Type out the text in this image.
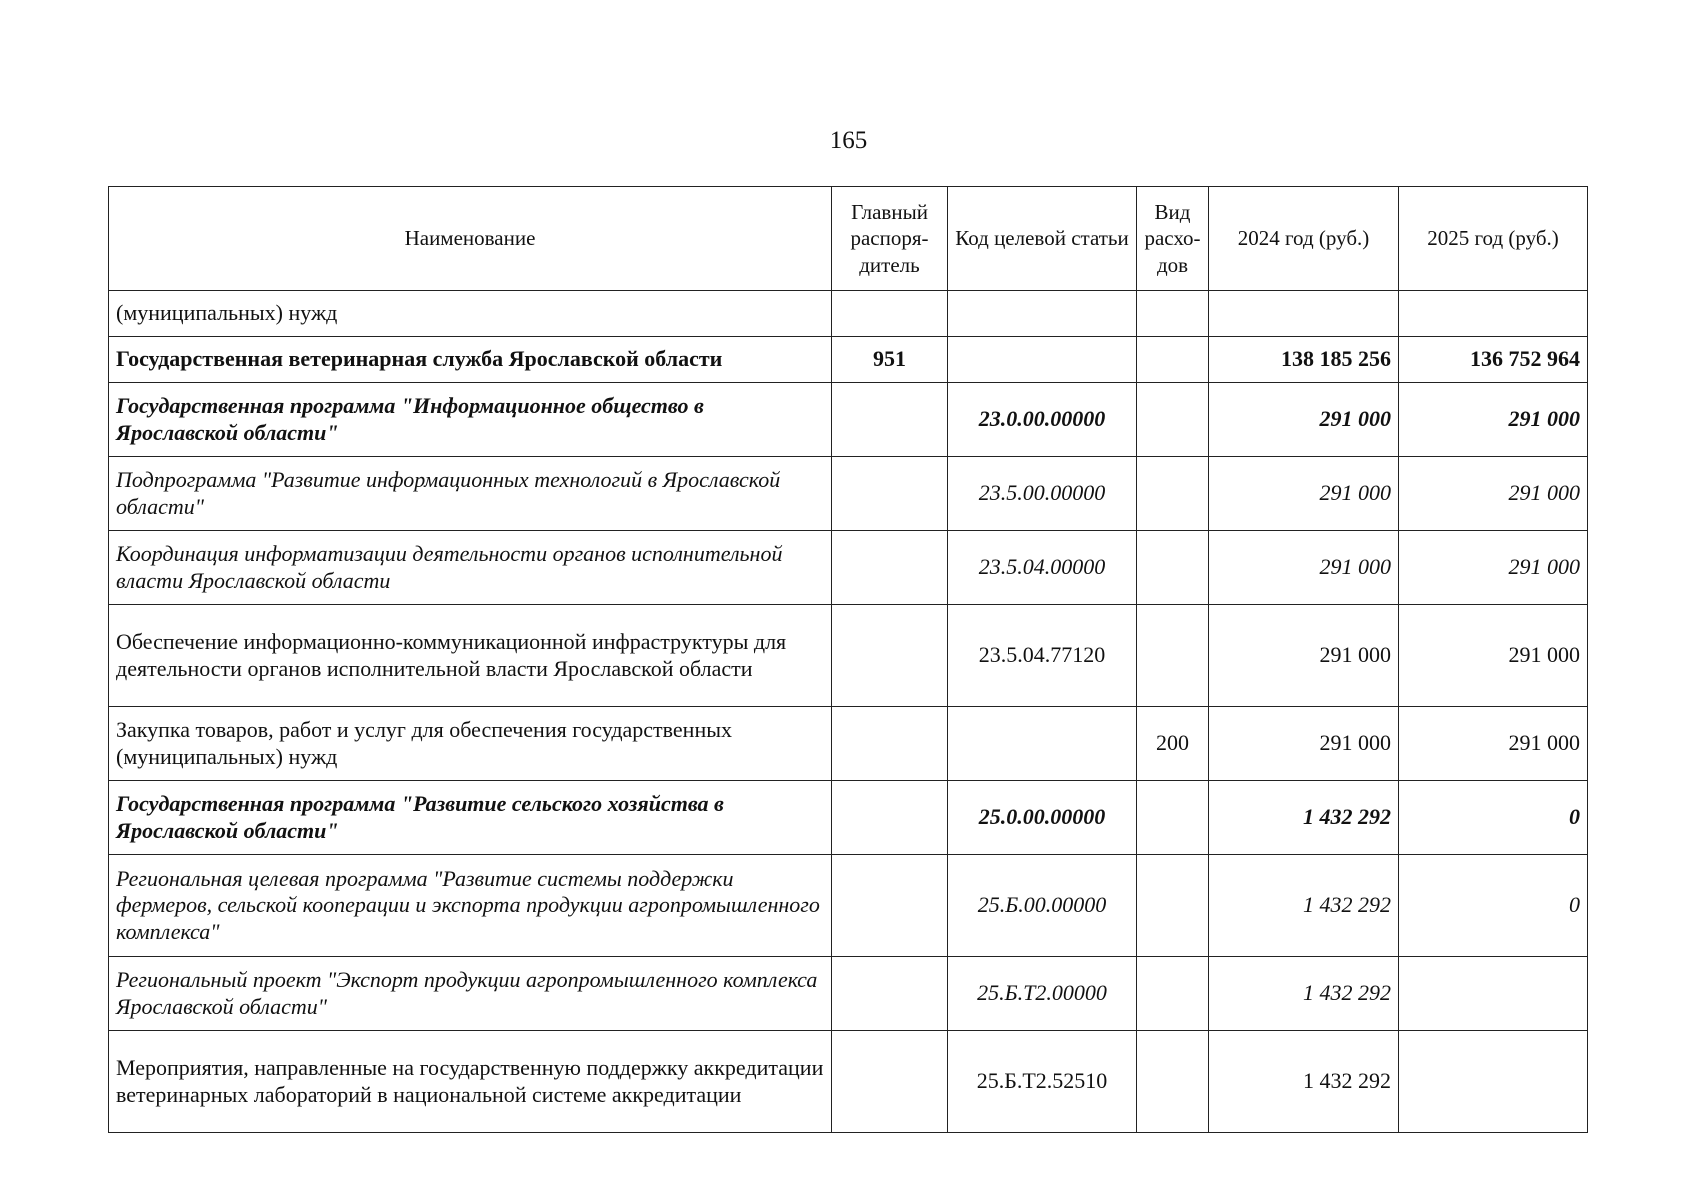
165
Наименование	Главный распоря-дитель	Код целевой статьи	Вид расхо-дов	2024 год (руб.)	2025 год (руб.)
(муниципальных) нужд					
Государственная ветеринарная служба Ярославской области	951			138 185 256	136 752 964
Государственная программа "Информационное общество в Ярославской области"		23.0.00.00000		291 000	291 000
Подпрограмма "Развитие информационных технологий в Ярославской области"		23.5.00.00000		291 000	291 000
Координация информатизации деятельности органов исполнительной власти Ярославской области		23.5.04.00000		291 000	291 000
Обеспечение информационно-коммуникационной инфраструктуры для деятельности органов исполнительной власти Ярославской области		23.5.04.77120		291 000	291 000
Закупка товаров, работ и услуг для обеспечения государственных (муниципальных) нужд			200	291 000	291 000
Государственная программа "Развитие сельского хозяйства в Ярославской области"		25.0.00.00000		1 432 292	0
Региональная целевая программа "Развитие системы поддержки фермеров, сельской кооперации и экспорта продукции агропромышленного комплекса"		25.Б.00.00000		1 432 292	0
Региональный проект "Экспорт продукции агропромышленного комплекса Ярославской области"		25.Б.Т2.00000		1 432 292	
Мероприятия, направленные на государственную поддержку аккредитации ветеринарных лабораторий в национальной системе аккредитации		25.Б.Т2.52510		1 432 292	
